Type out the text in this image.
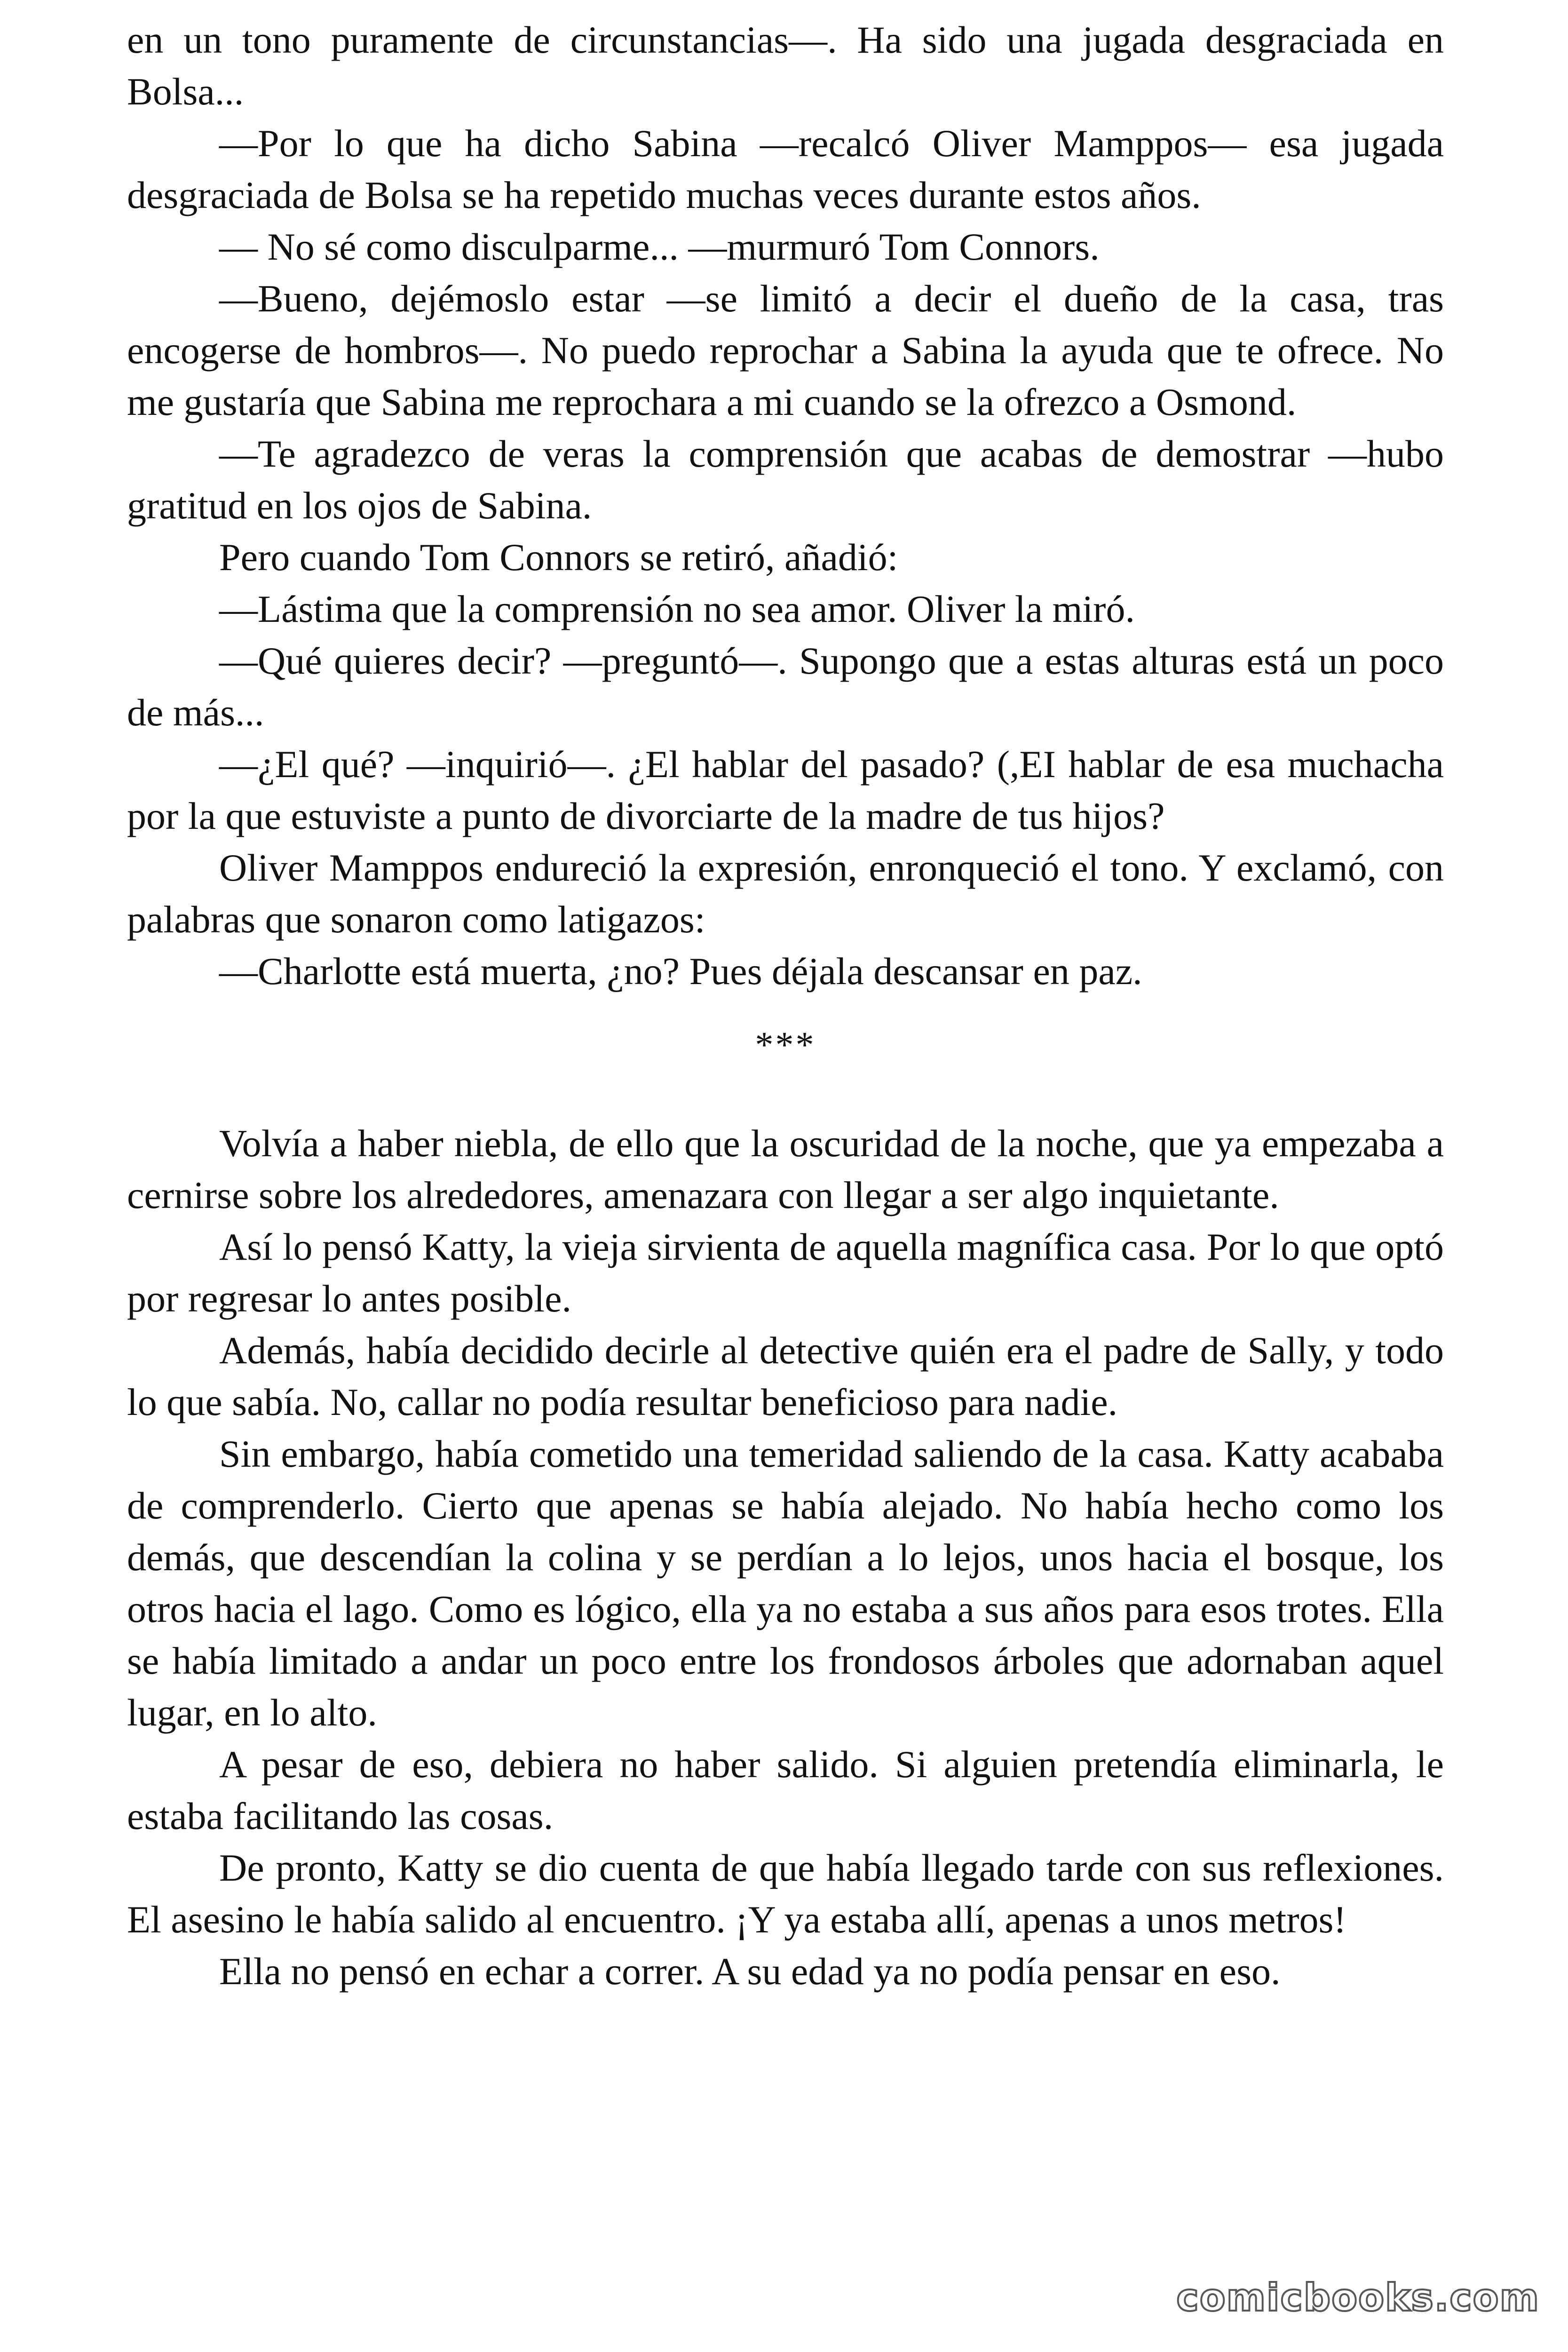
en un tono puramente de circunstancias—. Ha sido una jugada desgraciada en Bolsa...

—Por lo que ha dicho Sabina —recalcó Oliver Mamppos— esa jugada desgraciada de Bolsa se ha repetido muchas veces durante estos años.

— No sé como disculparme... —murmuró Tom Connors.

—Bueno, dejémoslo estar —se limitó a decir el dueño de la casa, tras encogerse de hombros—. No puedo reprochar a Sabina la ayuda que te ofrece. No me gustaría que Sabina me reprochara a mi cuando se la ofrezco a Osmond.

—Te agradezco de veras la comprensión que acabas de demostrar —hubo gratitud en los ojos de Sabina.

Pero cuando Tom Connors se retiró, añadió:

—Lástima que la comprensión no sea amor. Oliver la miró.

—Qué quieres decir? —preguntó—. Supongo que a estas alturas está un poco de más...

—¿El qué? —inquirió—. ¿El hablar del pasado? (,EI hablar de esa muchacha por la que estuviste a punto de divorciarte de la madre de tus hijos?

Oliver Mamppos endureció la expresión, enronqueció el tono. Y exclamó, con palabras que sonaron como latigazos:

—Charlotte está muerta, ¿no? Pues déjala descansar en paz.

***

Volvía a haber niebla, de ello que la oscuridad de la noche, que ya empezaba a cernirse sobre los alrededores, amenazara con llegar a ser algo inquietante.

Así lo pensó Katty, la vieja sirvienta de aquella magnífica casa. Por lo que optó por regresar lo antes posible.

Además, había decidido decirle al detective quién era el padre de Sally, y todo lo que sabía. No, callar no podía resultar beneficioso para nadie.

Sin embargo, había cometido una temeridad saliendo de la casa. Katty acababa de comprenderlo. Cierto que apenas se había alejado. No había hecho como los demás, que descendían la colina y se perdían a lo lejos, unos hacia el bosque, los otros hacia el lago. Como es lógico, ella ya no estaba a sus años para esos trotes. Ella se había limitado a andar un poco entre los frondosos árboles que adornaban aquel lugar, en lo alto.

A pesar de eso, debiera no haber salido. Si alguien pretendía eliminarla, le estaba facilitando las cosas.

De pronto, Katty se dio cuenta de que había llegado tarde con sus reflexiones. El asesino le había salido al encuentro. ¡Y ya estaba allí, apenas a unos metros!

Ella no pensó en echar a correr. A su edad ya no podía pensar en eso.

comicbooks.com
